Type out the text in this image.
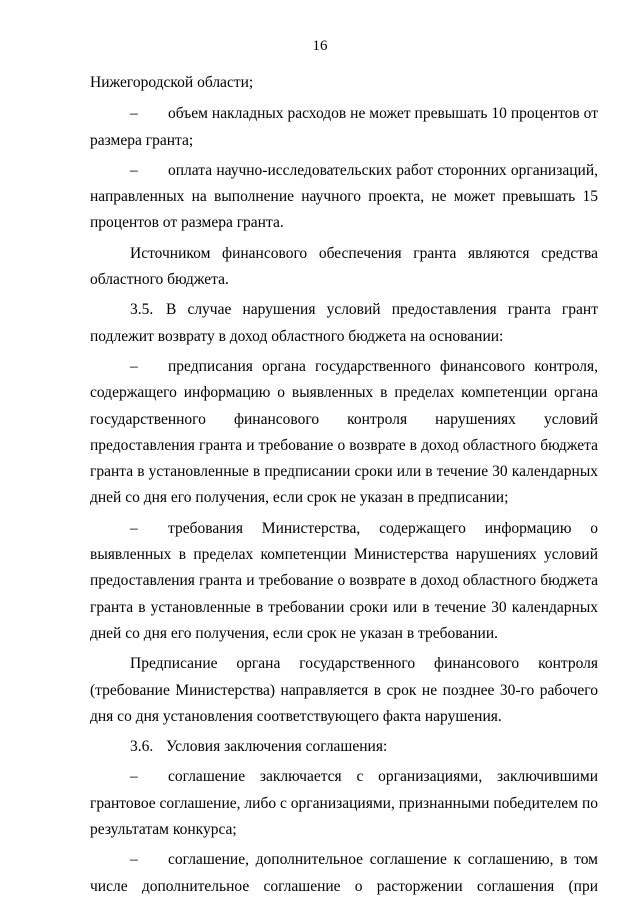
16

Нижегородской области;

– объем накладных расходов не может превышать 10 процентов от размера гранта;

– оплата научно-исследовательских работ сторонних организаций, направленных на выполнение научного проекта, не может превышать 15 процентов от размера гранта.

Источником финансового обеспечения гранта являются средства областного бюджета.

3.5. В случае нарушения условий предоставления гранта грант подлежит возврату в доход областного бюджета на основании:

– предписания органа государственного финансового контроля, содержащего информацию о выявленных в пределах компетенции органа государственного финансового контроля нарушениях условий предоставления гранта и требование о возврате в доход областного бюджета гранта в установленные в предписании сроки или в течение 30 календарных дней со дня его получения, если срок не указан в предписании;

– требования Министерства, содержащего информацию о выявленных в пределах компетенции Министерства нарушениях условий предоставления гранта и требование о возврате в доход областного бюджета гранта в установленные в требовании сроки или в течение 30 календарных дней со дня его получения, если срок не указан в требовании.

Предписание органа государственного финансового контроля (требование Министерства) направляется в срок не позднее 30-го рабочего дня со дня установления соответствующего факта нарушения.

3.6. Условия заключения соглашения:

– соглашение заключается с организациями, заключившими грантовое соглашение, либо с организациями, признанными победителем по результатам конкурса;

– соглашение, дополнительное соглашение к соглашению, в том числе дополнительное соглашение о расторжении соглашения (при
